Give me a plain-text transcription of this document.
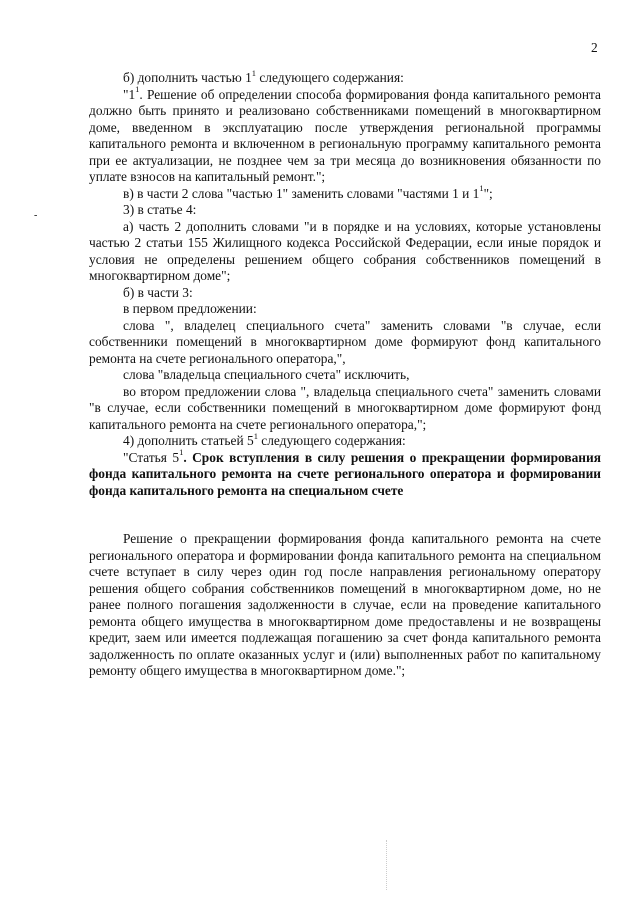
2
-

б) дополнить частью $1^1$ следующего содержания:

"$1^1$. Решение об определении способа формирования фонда капитального ремонта должно быть принято и реализовано собственниками помещений в многоквартирном доме, введенном в эксплуатацию после утверждения региональной программы капитального ремонта и включенном в региональную программу капитального ремонта при ее актуализации, не позднее чем за три месяца до возникновения обязанности по уплате взносов на капитальный ремонт.";

в) в части 2 слова "частью 1" заменить словами "частями 1 и $1^1$";

3) в статье 4:

а) часть 2 дополнить словами "и в порядке и на условиях, которые установлены частью 2 статьи 155 Жилищного кодекса Российской Федерации, если иные порядок и условия не определены решением общего собрания собственников помещений в многоквартирном доме";

б) в части 3:

в первом предложении:

слова ", владелец специального счета" заменить словами "в случае, если собственники помещений в многоквартирном доме формируют фонд капитального ремонта на счете регионального оператора,",

слова "владельца специального счета" исключить,

во втором предложении слова ", владельца специального счета" заменить словами "в случае, если собственники помещений в многоквартирном доме формируют фонд капитального ремонта на счете регионального оператора,";

4) дополнить статьей $5^1$ следующего содержания:

"Статья $5^1$. Срок вступления в силу решения о прекращении формирования фонда капитального ремонта на счете регионального оператора и формировании фонда капитального ремонта на специальном счете

Решение о прекращении формирования фонда капитального ремонта на счете регионального оператора и формировании фонда капитального ремонта на специальном счете вступает в силу через один год после направления региональному оператору решения общего собрания собственников помещений в многоквартирном доме, но не ранее полного погашения задолженности в случае, если на проведение капитального ремонта общего имущества в многоквартирном доме предоставлены и не возвращены кредит, заем или имеется подлежащая погашению за счет фонда капитального ремонта задолженность по оплате оказанных услуг и (или) выполненных работ по капитальному ремонту общего имущества в многоквартирном доме.";
